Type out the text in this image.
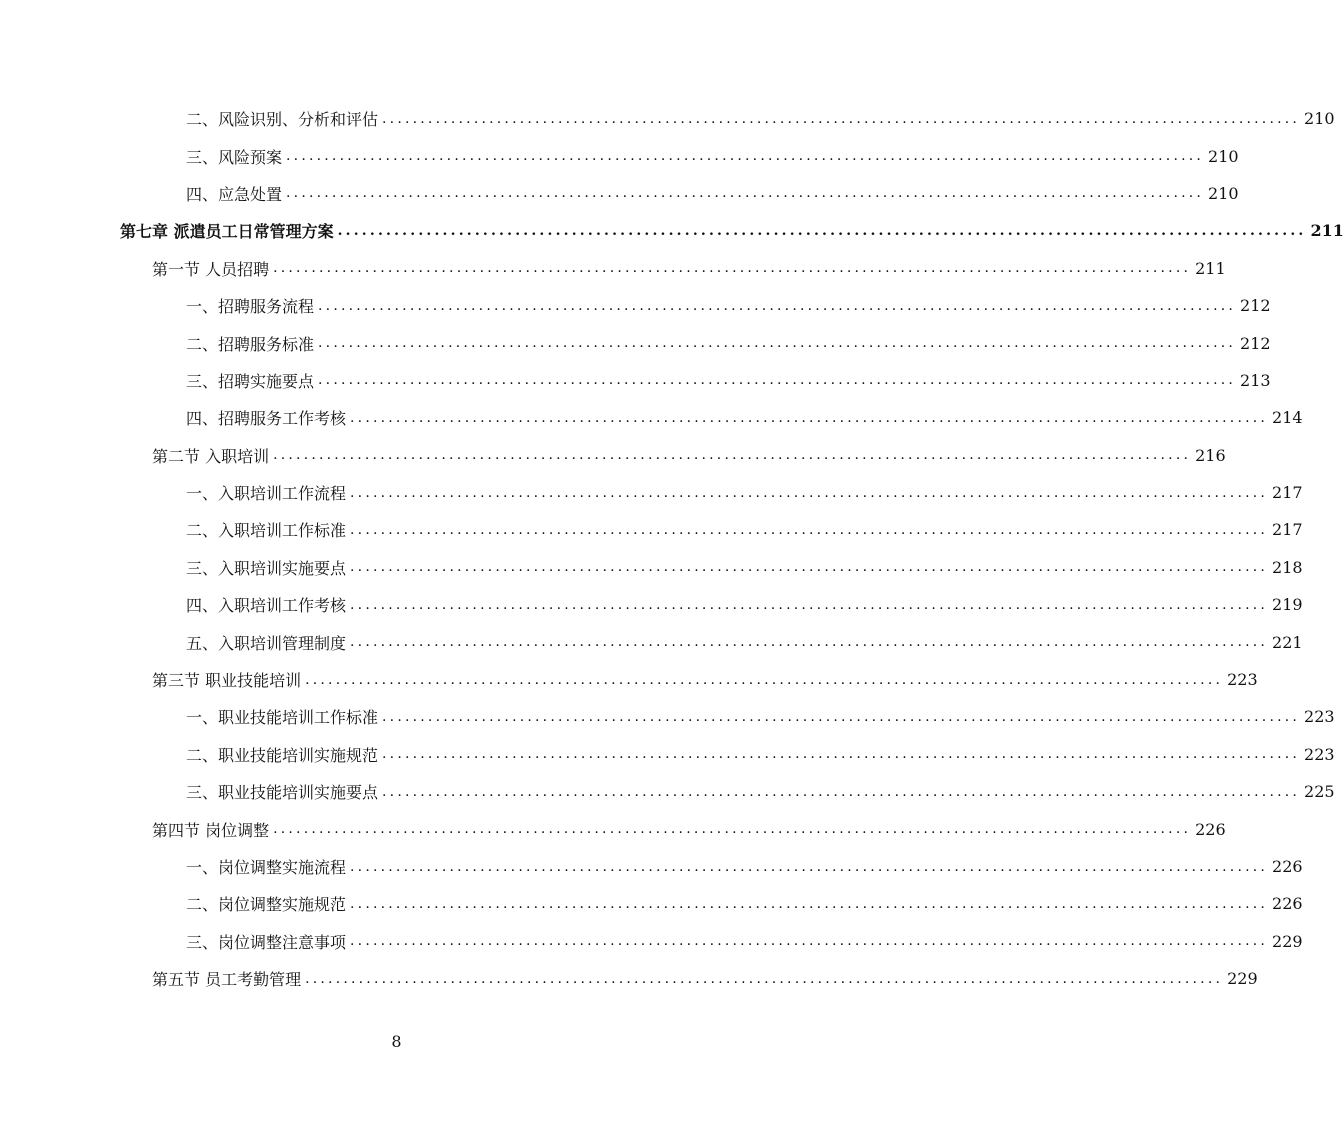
二、风险识别、分析和评估 ........................................................................................................................ 210
三、风险预案 ........................................................................................................................ 210
四、应急处置 ........................................................................................................................ 210
第七章 派遣员工日常管理方案 ........................................................................................................................ 211
第一节 人员招聘 ........................................................................................................................ 211
一、招聘服务流程 ........................................................................................................................ 212
二、招聘服务标准 ........................................................................................................................ 212
三、招聘实施要点 ........................................................................................................................ 213
四、招聘服务工作考核 ........................................................................................................................ 214
第二节 入职培训 ........................................................................................................................ 216
一、入职培训工作流程 ........................................................................................................................ 217
二、入职培训工作标准 ........................................................................................................................ 217
三、入职培训实施要点 ........................................................................................................................ 218
四、入职培训工作考核 ........................................................................................................................ 219
五、入职培训管理制度 ........................................................................................................................ 221
第三节 职业技能培训 ........................................................................................................................ 223
一、职业技能培训工作标准 ........................................................................................................................ 223
二、职业技能培训实施规范 ........................................................................................................................ 223
三、职业技能培训实施要点 ........................................................................................................................ 225
第四节 岗位调整 ........................................................................................................................ 226
一、岗位调整实施流程 ........................................................................................................................ 226
二、岗位调整实施规范 ........................................................................................................................ 226
三、岗位调整注意事项 ........................................................................................................................ 229
第五节 员工考勤管理 ........................................................................................................................ 229
8
